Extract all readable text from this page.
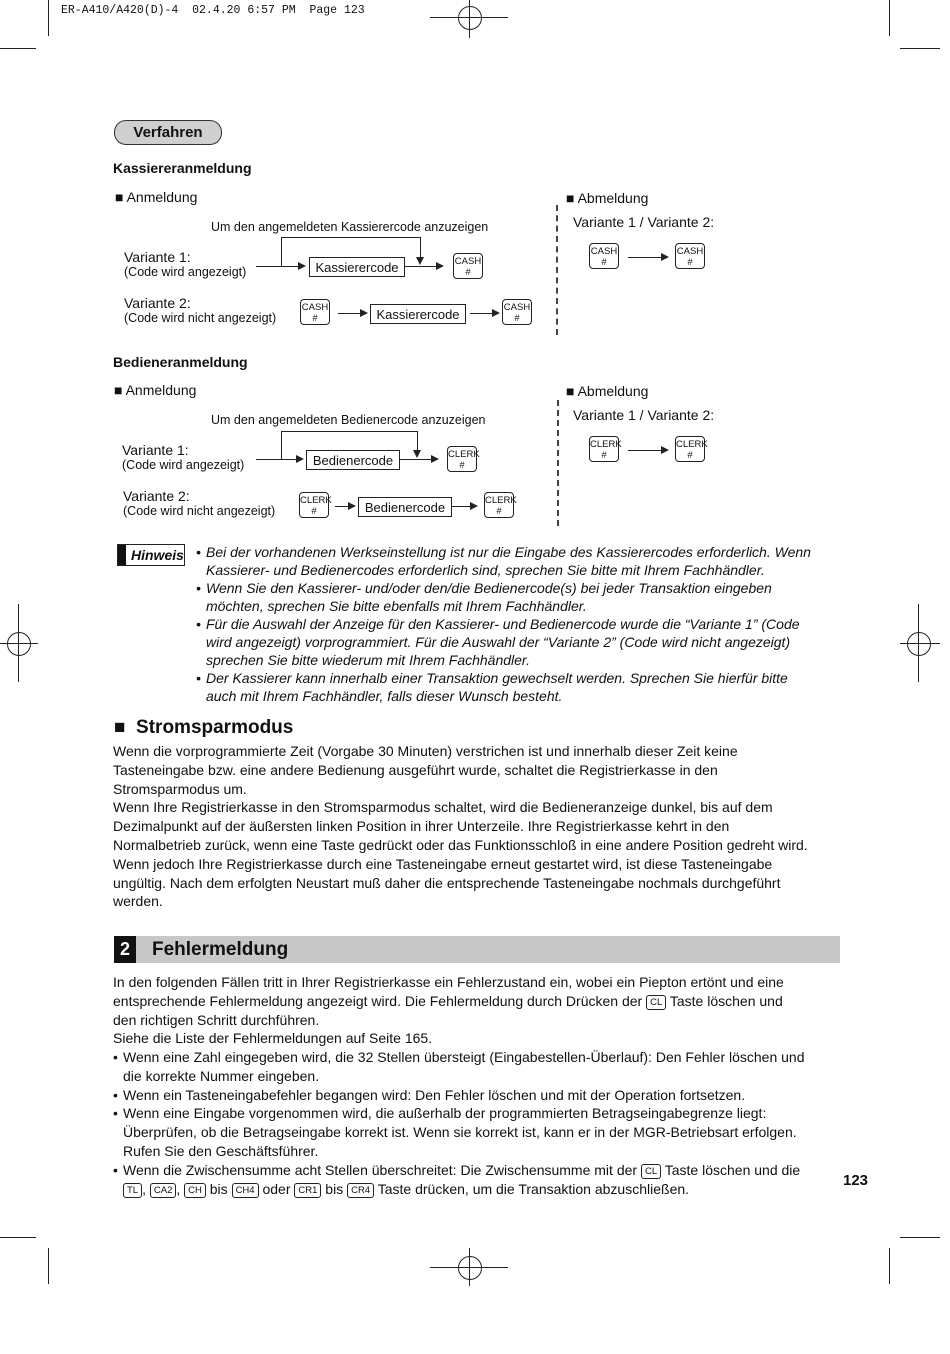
ER-A410/A420(D)-4  02.4.20 6:57 PM  Page 123
Verfahren
Kassiereranmeldung
■ Anmeldung
Um den angemeldeten Kassierercode anzuzeigen
Variante 1:
(Code wird angezeigt)
Variante 2:
(Code wird nicht angezeigt)
Kassierercode	CASH
#
CASH
#	Kassierercode	CASH
#
■ Abmeldung
Variante 1 / Variante 2:
CASH
#
CASH
#
Bedieneranmeldung
■ Anmeldung
Um den angemeldeten Bedienercode anzuzeigen
Variante 1:
(Code wird angezeigt)
Variante 2:
(Code wird nicht angezeigt)
Bedienercode	CLERK
#
CLERK
#	Bedienercode	CLERK
#
■ Abmeldung
Variante 1 / Variante 2:
CLERK
#
CLERK
#
Hinweis • Bei der vorhandenen Werkseinstellung ist nur die Eingabe des Kassierercodes erforderlich. Wenn
Kassierer- und Bedienercodes erforderlich sind, sprechen Sie bitte mit Ihrem Fachhändler.
• Wenn Sie den Kassierer- und/oder den/die Bedienercode(s) bei jeder Transaktion eingeben
möchten, sprechen Sie bitte ebenfalls mit Ihrem Fachhändler.
• Für die Auswahl der Anzeige für den Kassierer- und Bedienercode wurde die “Variante 1” (Code
wird angezeigt) vorprogrammiert. Für die Auswahl der “Variante 2” (Code wird nicht angezeigt)
sprechen Sie bitte wiederum mit Ihrem Fachhändler.
• Der Kassierer kann innerhalb einer Transaktion gewechselt werden. Sprechen Sie hierfür bitte
auch mit Ihrem Fachhändler, falls dieser Wunsch besteht.
■  Stromsparmodus
Wenn die vorprogrammierte Zeit (Vorgabe 30 Minuten) verstrichen ist und innerhalb dieser Zeit keine
Tasteneingabe bzw. eine andere Bedienung ausgeführt wurde, schaltet die Registrierkasse in den
Stromsparmodus um.
Wenn Ihre Registrierkasse in den Stromsparmodus schaltet, wird die Bedieneranzeige dunkel, bis auf dem
Dezimalpunkt auf der äußersten linken Position in ihrer Unterzeile. Ihre Registrierkasse kehrt in den
Normalbetrieb zurück, wenn eine Taste gedrückt oder das Funktionsschloß in eine andere Position gedreht wird.
Wenn jedoch Ihre Registrierkasse durch eine Tasteneingabe erneut gestartet wird, ist diese Tasteneingabe
ungültig. Nach dem erfolgten Neustart muß daher die entsprechende Tasteneingabe nochmals durchgeführt
werden.
2	Fehlermeldung
In den folgenden Fällen tritt in Ihrer Registrierkasse ein Fehlerzustand ein, wobei ein Piepton ertönt und eine
entsprechende Fehlermeldung angezeigt wird. Die Fehlermeldung durch Drücken der CL Taste löschen und
den richtigen Schritt durchführen.
Siehe die Liste der Fehlermeldungen auf Seite 165.
• Wenn eine Zahl eingegeben wird, die 32 Stellen übersteigt (Eingabestellen-Überlauf): Den Fehler löschen und
die korrekte Nummer eingeben.
• Wenn ein Tasteneingabefehler begangen wird: Den Fehler löschen und mit der Operation fortsetzen.
• Wenn eine Eingabe vorgenommen wird, die außerhalb der programmierten Betragseingabegrenze liegt:
Überprüfen, ob die Betragseingabe korrekt ist. Wenn sie korrekt ist, kann er in der MGR-Betriebsart erfolgen.
Rufen Sie den Geschäftsführer.
• Wenn die Zwischensumme acht Stellen überschreitet: Die Zwischensumme mit der CL Taste löschen und die
TL , CA2 , CH bis CH4 oder CR1 bis CR4 Taste drücken, um die Transaktion abzuschließen.	123
